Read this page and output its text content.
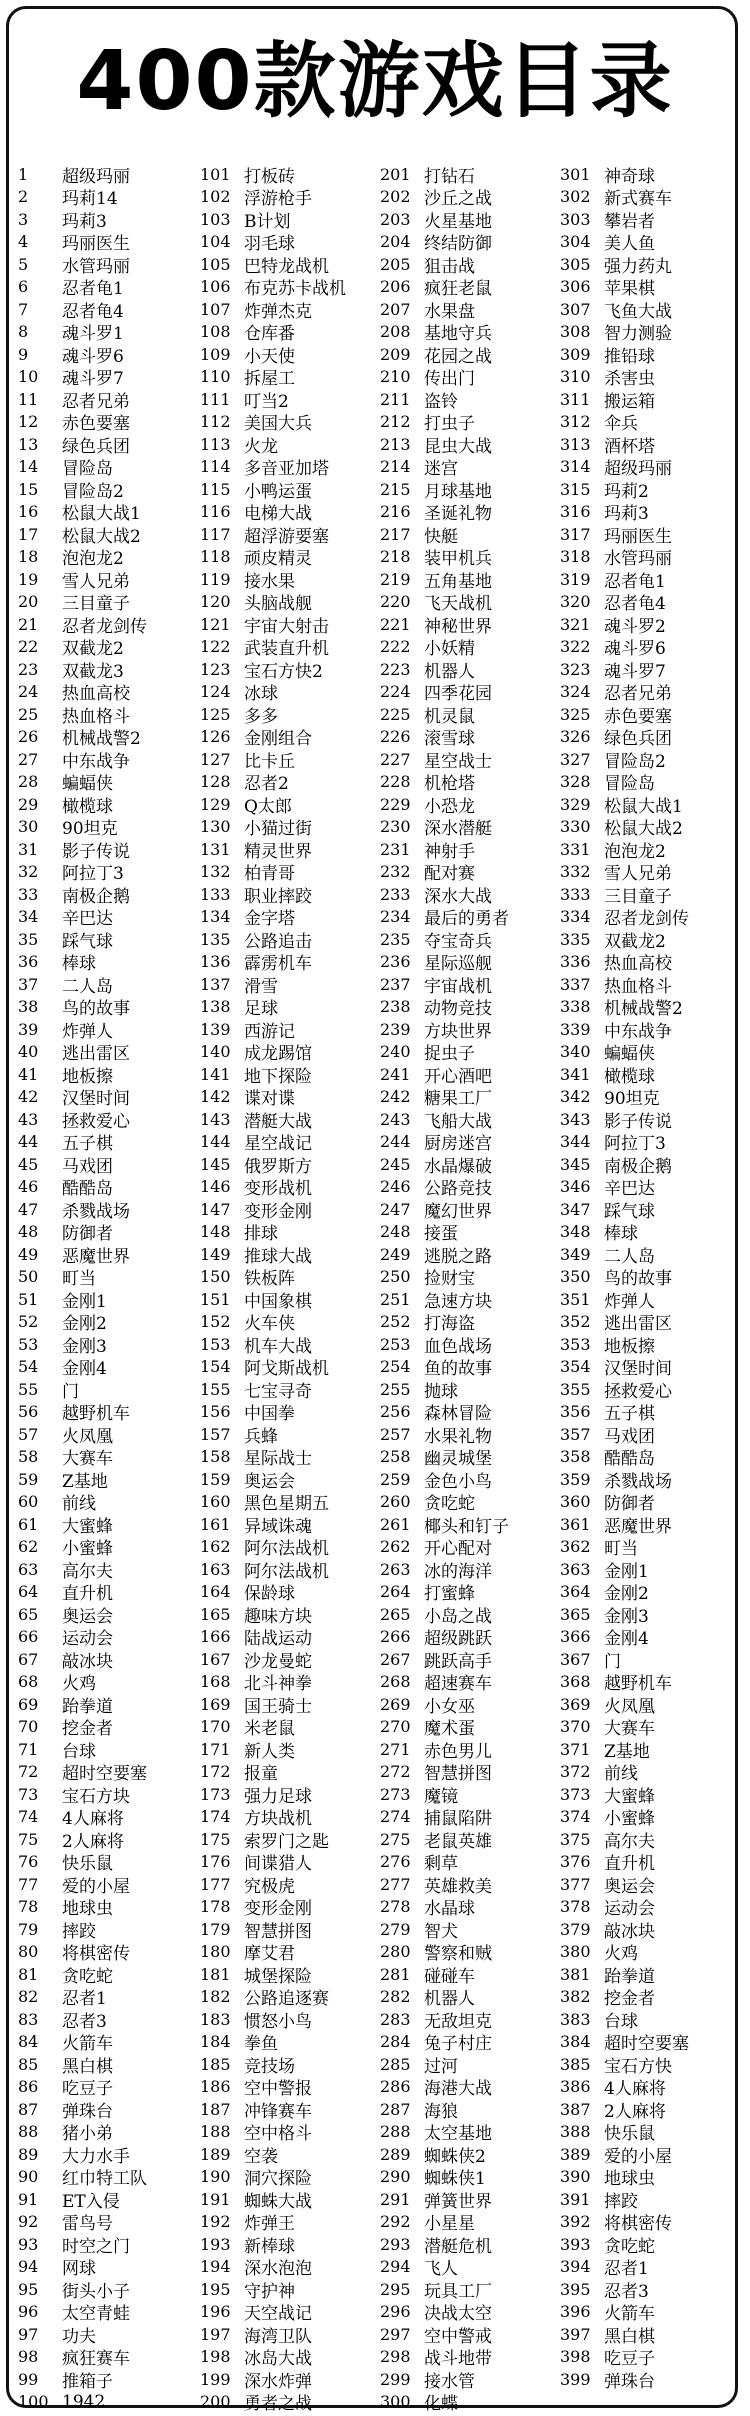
400款游戏目录
1	超级玛丽
2	玛莉14
3	玛莉3
4	玛丽医生
5	水管玛丽
6	忍者龟1
7	忍者龟4
8	魂斗罗1
9	魂斗罗6
10	魂斗罗7
11	忍者兄弟
12	赤色要塞
13	绿色兵团
14	冒险岛
15	冒险岛2
16	松鼠大战1
17	松鼠大战2
18	泡泡龙2
19	雪人兄弟
20	三目童子
21	忍者龙剑传
22	双截龙2
23	双截龙3
24	热血高校
25	热血格斗
26	机械战警2
27	中东战争
28	蝙蝠侠
29	橄榄球
30	90坦克
31	影子传说
32	阿拉丁3
33	南极企鹅
34	辛巴达
35	踩气球
36	棒球
37	二人岛
38	鸟的故事
39	炸弹人
40	逃出雷区
41	地板擦
42	汉堡时间
43	拯救爱心
44	五子棋
45	马戏团
46	酷酷岛
47	杀戮战场
48	防御者
49	恶魔世界
50	町当
51	金刚1
52	金刚2
53	金刚3
54	金刚4
55	门
56	越野机车
57	火凤凰
58	大赛车
59	Z基地
60	前线
61	大蜜蜂
62	小蜜蜂
63	高尔夫
64	直升机
65	奥运会
66	运动会
67	敲冰块
68	火鸡
69	跆拳道
70	挖金者
71	台球
72	超时空要塞
73	宝石方块
74	4人麻将
75	2人麻将
76	快乐鼠
77	爱的小屋
78	地球虫
79	摔跤
80	将棋密传
81	贪吃蛇
82	忍者1
83	忍者3
84	火箭车
85	黑白棋
86	吃豆子
87	弹珠台
88	猪小弟
89	大力水手
90	红巾特工队
91	ET入侵
92	雷鸟号
93	时空之门
94	网球
95	街头小子
96	太空青蛙
97	功夫
98	疯狂赛车
99	推箱子
100 1942
101 打板砖
102 浮游枪手
103 B计划
104 羽毛球
105 巴特龙战机
106 布克苏卡战机
107 炸弹杰克
108 仓库番
109 小天使
110 拆屋工
111 叮当2
112 美国大兵
113 火龙
114 多音亚加塔
115 小鸭运蛋
116 电梯大战
117 超浮游要塞
118 顽皮精灵
119 接水果
120 头脑战舰
121 宇宙大射击
122 武装直升机
123 宝石方快2
124 冰球
125 多多
126 金刚组合
127 比卡丘
128 忍者2
129 Q太郎
130 小猫过街
131 精灵世界
132 柏青哥
133 职业摔跤
134 金字塔
135 公路追击
136 霹雳机车
137 滑雪
138 足球
139 西游记
140 成龙踢馆
141 地下探险
142 谍对谍
143 潜艇大战
144 星空战记
145 俄罗斯方
146 变形战机
147 变形金刚
148 排球
149 推球大战
150 铁板阵
151 中国象棋
152 火车侠
153 机车大战
154 阿戈斯战机
155 七宝寻奇
156 中国拳
157 兵蜂
158 星际战士
159 奥运会
160 黑色星期五
161 异域诛魂
162 阿尔法战机
163 阿尔法战机
164 保龄球
165 趣味方块
166 陆战运动
167 沙龙曼蛇
168 北斗神拳
169 国王骑士
170 米老鼠
171 新人类
172 报童
173 强力足球
174 方块战机
175 索罗门之匙
176 间谍猎人
177 究极虎
178 变形金刚
179 智慧拼图
180 摩艾君
181 城堡探险
182 公路追逐赛
183 惯怒小鸟
184 拳鱼
185 竞技场
186 空中警报
187 冲锋赛车
188 空中格斗
189 空袭
190 洞穴探险
191 蜘蛛大战
192 炸弹王
193 新棒球
194 深水泡泡
195 守护神
196 天空战记
197 海湾卫队
198 冰岛大战
199 深水炸弹
200 勇者之战
201 打钻石
202 沙丘之战
203 火星基地
204 终结防御
205 狙击战
206 疯狂老鼠
207 水果盘
208 基地守兵
209 花园之战
210 传出门
211 盗铃
212 打虫子
213 昆虫大战
214 迷宫
215 月球基地
216 圣诞礼物
217 快艇
218 装甲机兵
219 五角基地
220 飞天战机
221 神秘世界
222 小妖精
223 机器人
224 四季花园
225 机灵鼠
226 滚雪球
227 星空战士
228 机枪塔
229 小恐龙
230 深水潜艇
231 神射手
232 配对赛
233 深水大战
234 最后的勇者
235 夺宝奇兵
236 星际巡舰
237 宇宙战机
238 动物竞技
239 方块世界
240 捉虫子
241 开心酒吧
242 糖果工厂
243 飞船大战
244 厨房迷宫
245 水晶爆破
246 公路竞技
247 魔幻世界
248 接蛋
249 逃脱之路
250 捡财宝
251 急速方块
252 打海盗
253 血色战场
254 鱼的故事
255 抛球
256 森林冒险
257 水果礼物
258 幽灵城堡
259 金色小鸟
260 贪吃蛇
261 椰头和钉子
262 开心配对
263 冰的海洋
264 打蜜蜂
265 小岛之战
266 超级跳跃
267 跳跃高手
268 超速赛车
269 小女巫
270 魔术蛋
271 赤色男儿
272 智慧拼图
273 魔镜
274 捕鼠陷阱
275 老鼠英雄
276 剩草
277 英雄救美
278 水晶球
279 智犬
280 警察和贼
281 碰碰车
282 机器人
283 无敌坦克
284 兔子村庄
285 过河
286 海港大战
287 海狼
288 太空基地
289 蜘蛛侠2
290 蜘蛛侠1
291 弹簧世界
292 小星星
293 潜艇危机
294 飞人
295 玩具工厂
296 决战太空
297 空中警戒
298 战斗地带
299 接水管
300 化蝶
301 神奇球
302 新式赛车
303 攀岩者
304 美人鱼
305 强力药丸
306 苹果棋
307 飞鱼大战
308 智力测验
309 推铅球
310 杀害虫
311 搬运箱
312 伞兵
313 酒杯塔
314 超级玛丽
315 玛莉2
316 玛莉3
317 玛丽医生
318 水管玛丽
319 忍者龟1
320 忍者龟4
321 魂斗罗2
322 魂斗罗6
323 魂斗罗7
324 忍者兄弟
325 赤色要塞
326 绿色兵团
327 冒险岛2
328 冒险岛
329 松鼠大战1
330 松鼠大战2
331 泡泡龙2
332 雪人兄弟
333 三目童子
334 忍者龙剑传
335 双截龙2
336 热血高校
337 热血格斗
338 机械战警2
339 中东战争
340 蝙蝠侠
341 橄榄球
342 90坦克
343 影子传说
344 阿拉丁3
345 南极企鹅
346 辛巴达
347 踩气球
348 棒球
349 二人岛
350 鸟的故事
351 炸弹人
352 逃出雷区
353 地板擦
354 汉堡时间
355 拯救爱心
356 五子棋
357 马戏团
358 酷酷岛
359 杀戮战场
360 防御者
361 恶魔世界
362 町当
363 金刚1
364 金刚2
365 金刚3
366 金刚4
367 门
368 越野机车
369 火凤凰
370 大赛车
371 Z基地
372 前线
373 大蜜蜂
374 小蜜蜂
375 高尔夫
376 直升机
377 奥运会
378 运动会
379 敲冰块
380 火鸡
381 跆拳道
382 挖金者
383 台球
384 超时空要塞
385 宝石方快
386 4人麻将
387 2人麻将
388 快乐鼠
389 爱的小屋
390 地球虫
391 摔跤
392 将棋密传
393 贪吃蛇
394 忍者1
395 忍者3
396 火箭车
397 黑白棋
398 吃豆子
399 弹珠台
